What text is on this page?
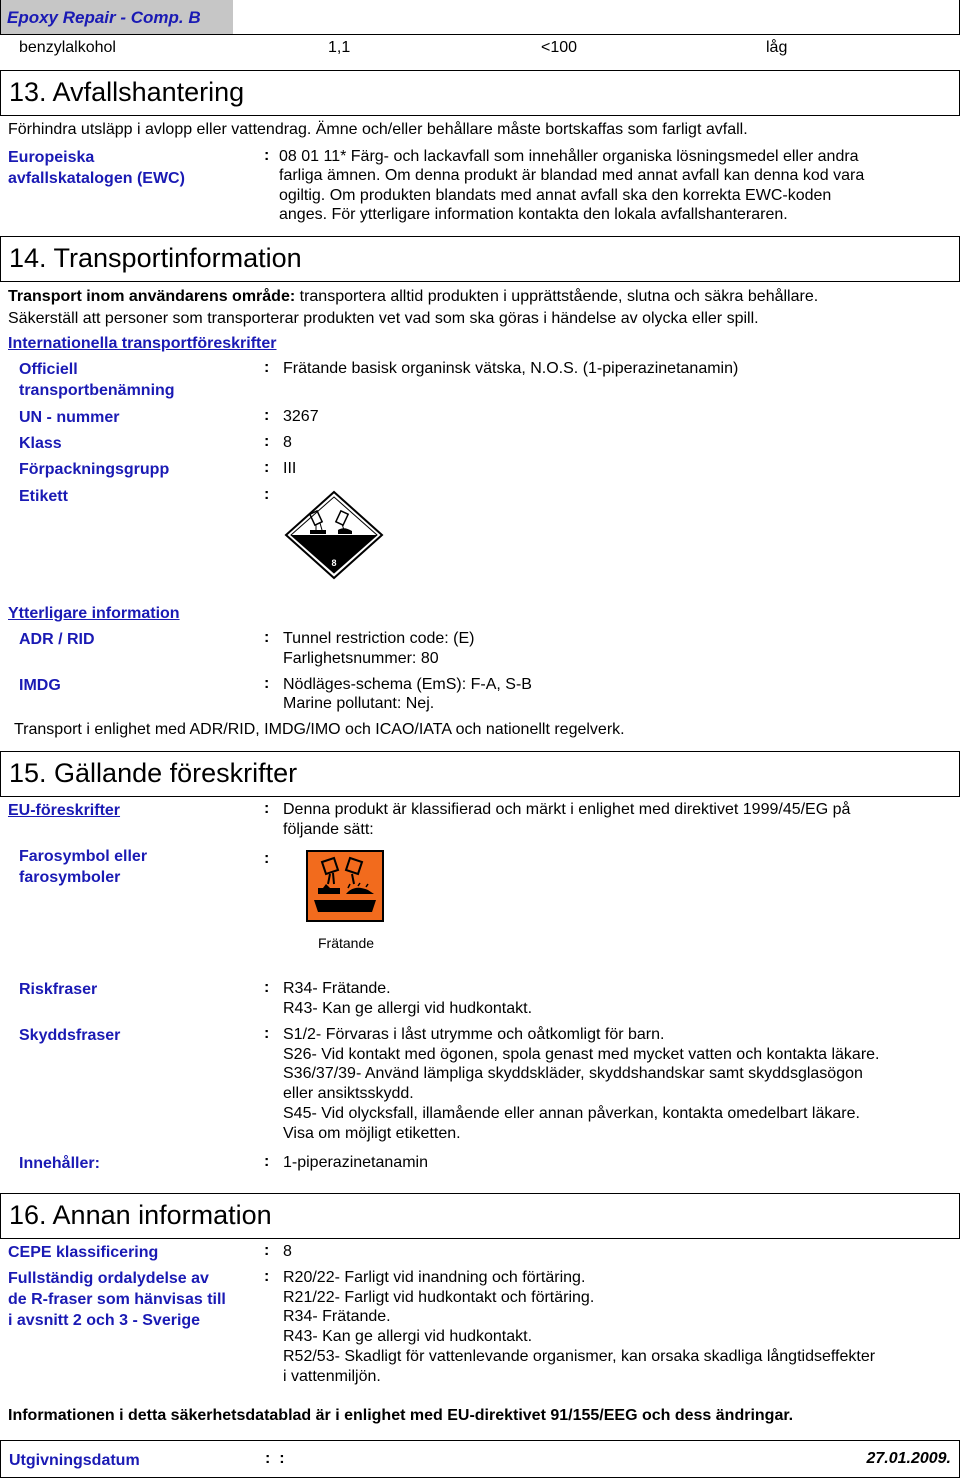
Epoxy Repair - Comp. B
benzylalkohol	1,1	<100	låg
13. Avfallshantering
Förhindra utsläpp i avlopp eller vattendrag. Ämne och/eller behållare måste bortskaffas som farligt avfall.
Europeiska
avfallskatalogen (EWC)
: 08 01 11* Färg- och lackavfall som innehåller organiska lösningsmedel eller andra
farliga ämnen. Om denna produkt är blandad med annat avfall kan denna kod vara
ogiltig. Om produkten blandats med annat avfall ska den korrekta EWC-koden
anges. För ytterligare information kontakta den lokala avfallshanteraren.
14. Transportinformation
Transport inom användarens område: transportera alltid produkten i upprättstående, slutna och säkra behållare.
Säkerställ att personer som transporterar produkten vet vad som ska göras i händelse av olycka eller spill.
Internationella transportföreskrifter
Officiell
transportbenämning
: Frätande basisk organinsk vätska, N.O.S. (1-piperazinetanamin)
UN - nummer	: 3267
Klass	: 8
Förpackningsgrupp	: III
Etikett	:
8
Ytterligare information
ADR / RID	: Tunnel restriction code: (E)
Farlighetsnummer: 80
IMDG	: Nödläges-schema (EmS): F-A, S-B
Marine pollutant: Nej.
Transport i enlighet med ADR/RID, IMDG/IMO och ICAO/IATA och nationellt regelverk.
15. Gällande föreskrifter
EU-föreskrifter	: Denna produkt är klassifierad och märkt i enlighet med direktivet 1999/45/EG på
följande sätt:
Farosymbol eller
farosymboler
:
Frätande
Riskfraser	: R34- Frätande.
R43- Kan ge allergi vid hudkontakt.
Skyddsfraser	: S1/2- Förvaras i låst utrymme och oåtkomligt för barn.
S26- Vid kontakt med ögonen, spola genast med mycket vatten och kontakta läkare.
S36/37/39- Använd lämpliga skyddskläder, skyddshandskar samt skyddsglasögon
eller ansiktsskydd.
S45- Vid olycksfall, illamående eller annan påverkan, kontakta omedelbart läkare.
Visa om möjligt etiketten.
Innehåller:	: 1-piperazinetanamin
16. Annan information
CEPE klassificering	: 8
Fullständig ordalydelse av
de R-fraser som hänvisas till
i avsnitt 2 och 3 - Sverige
: R20/22- Farligt vid inandning och förtäring.
R21/22- Farligt vid hudkontakt och förtäring.
R34- Frätande.
R43- Kan ge allergi vid hudkontakt.
R52/53- Skadligt för vattenlevande organismer, kan orsaka skadliga långtidseffekter
i vattenmiljön.
Informationen i detta säkerhetsdatablad är i enlighet med EU-direktivet 91/155/EEG och dess ändringar.
Utgivningsdatum	:  :	27.01.2009.
